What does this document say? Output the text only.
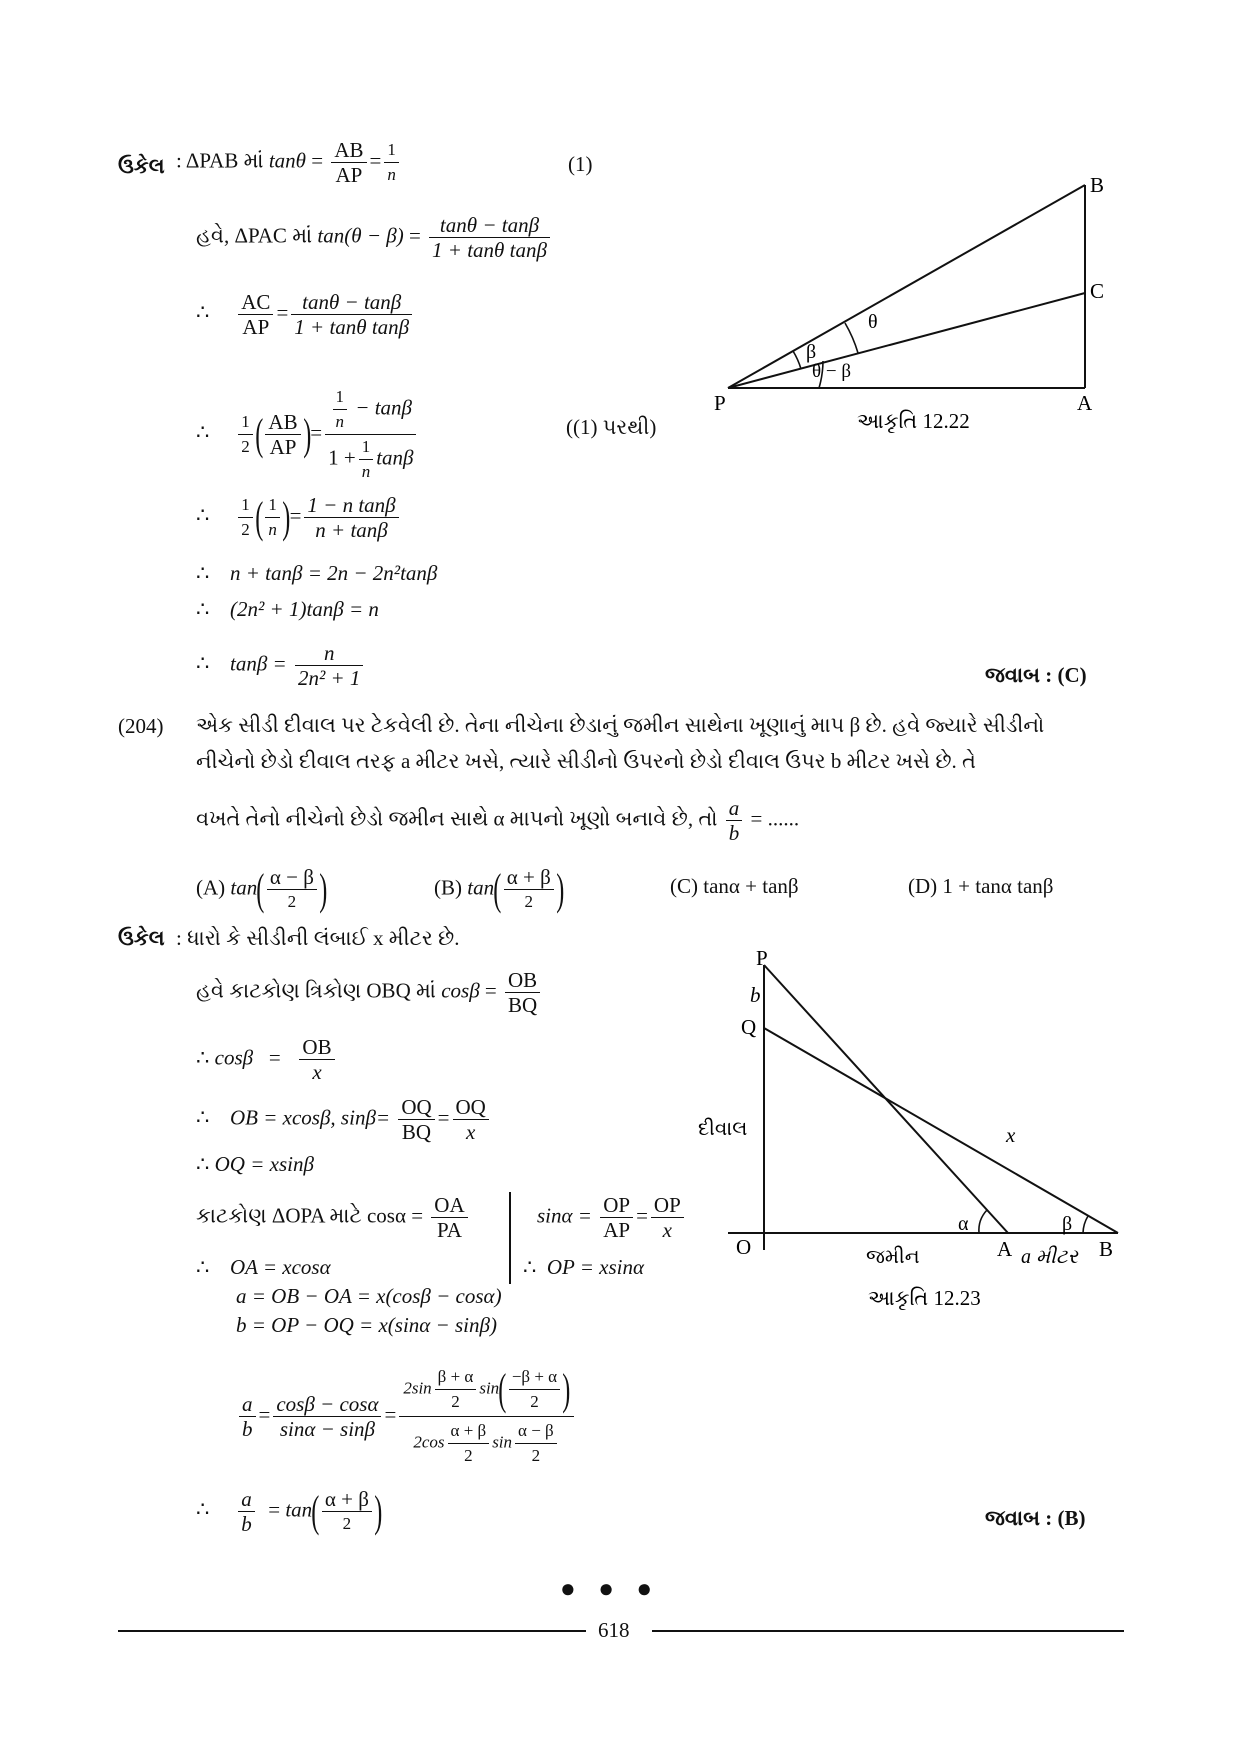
ઉકેલ : ΔPAB માં $\tan\theta = \frac{AB}{AP} = \frac{1}{n}$	(1)
હવે, ΔPAC માં $\tan(\theta - \beta) = \frac{\tan\theta - \tan\beta}{\text{1 + tanθ tanβ}}$
∴ $\frac{AC}{AP} = \frac{\tan\theta - \tan\beta}{\text{1 + tanθ tanβ}}$
∴ $\frac{1}{2}$ ( $\frac{AB}{AP}$ )= $\frac{\frac{1}{n} - \tan\beta}{1 + \frac{1}{n} \tan\beta}$	((1) પરથી)
∴ $\frac{1}{2}$ ( $\frac{1}{n}$ )= $\frac{\text{1 − n tanβ}}{n + \tan\beta}$
∴ n + tanβ = 2n − 2n²tanβ
∴ (2n² + 1)tanβ = n
∴ $\tan\beta = \frac{n}{\text{2n² + 1}}$	જવાબ : (C)
P	A
B
C
θ
β
θ − β
આકૃતિ 12.22
(204) એક સીડી દીવાલ પર ટેકવેલી છે. તેના નીચેના છેડાનું જમીન સાથેના ખૂણાનું માપ β છે. હવે જ્યારે સીડીનો
નીચેનો છેડો દીવાલ તરફ a મીટર ખસે, ત્યારે સીડીનો ઉપરનો છેડો દીવાલ ઉપર b મીટર ખસે છે. તે
વખતે તેનો નીચેનો છેડો જમીન સાથે α માપનો ખૂણો બનાવે છે, તો $\frac{a}{b}$ = ......
(A) $\tan( \frac{\alpha - \beta}{2}$ )	(B) $\tan( \frac{\alpha + \beta}{2}$ )	(C) tanα + tanβ	(D) 1 + tanα tanβ
ઉકેલ : ધારો કે સીડીની લંબાઈ x મીટર છે.
હવે કાટકોણ ત્રિકોણ OBQ માં $\cos\beta = \frac{OB}{BQ}$
∴ $\cos\beta = \frac{OB}{x}$
∴ OB = xcosβ, $\sin\beta= \frac{OQ}{BQ} = \frac{OQ}{x}$
∴ OQ = xsinβ
કાટકોણ ΔOPA માટે $\cos\alpha = \frac{OA}{PA}$	$\sin\alpha = \frac{OP}{AP} = \frac{OP}{x}$
∴ OA = xcosα	∴ OP = xsinα
a = OB − OA = x(cosβ − cosα)
b = OP − OQ = x(sinα − sinβ)
$\frac{a}{b} = \frac{\cos\beta - \cos\alpha}{\sin\alpha - \sin\beta} = \frac{2\sin \frac{\beta + \alpha}{2} \sin( \frac{-\beta + \alpha}{2} )}{2\cos \frac{\alpha + \beta}{2} \sin \frac{\alpha - \beta}{2}}$
∴ $\frac{a}{b} = \tan( \frac{\alpha + \beta}{2}$ )	જવાબ : (B)
P
Q
b
O	A	B
x
α	β
દીવાલ
જમીન	a મીટર
આકૃતિ 12.23
● ● ●
618
